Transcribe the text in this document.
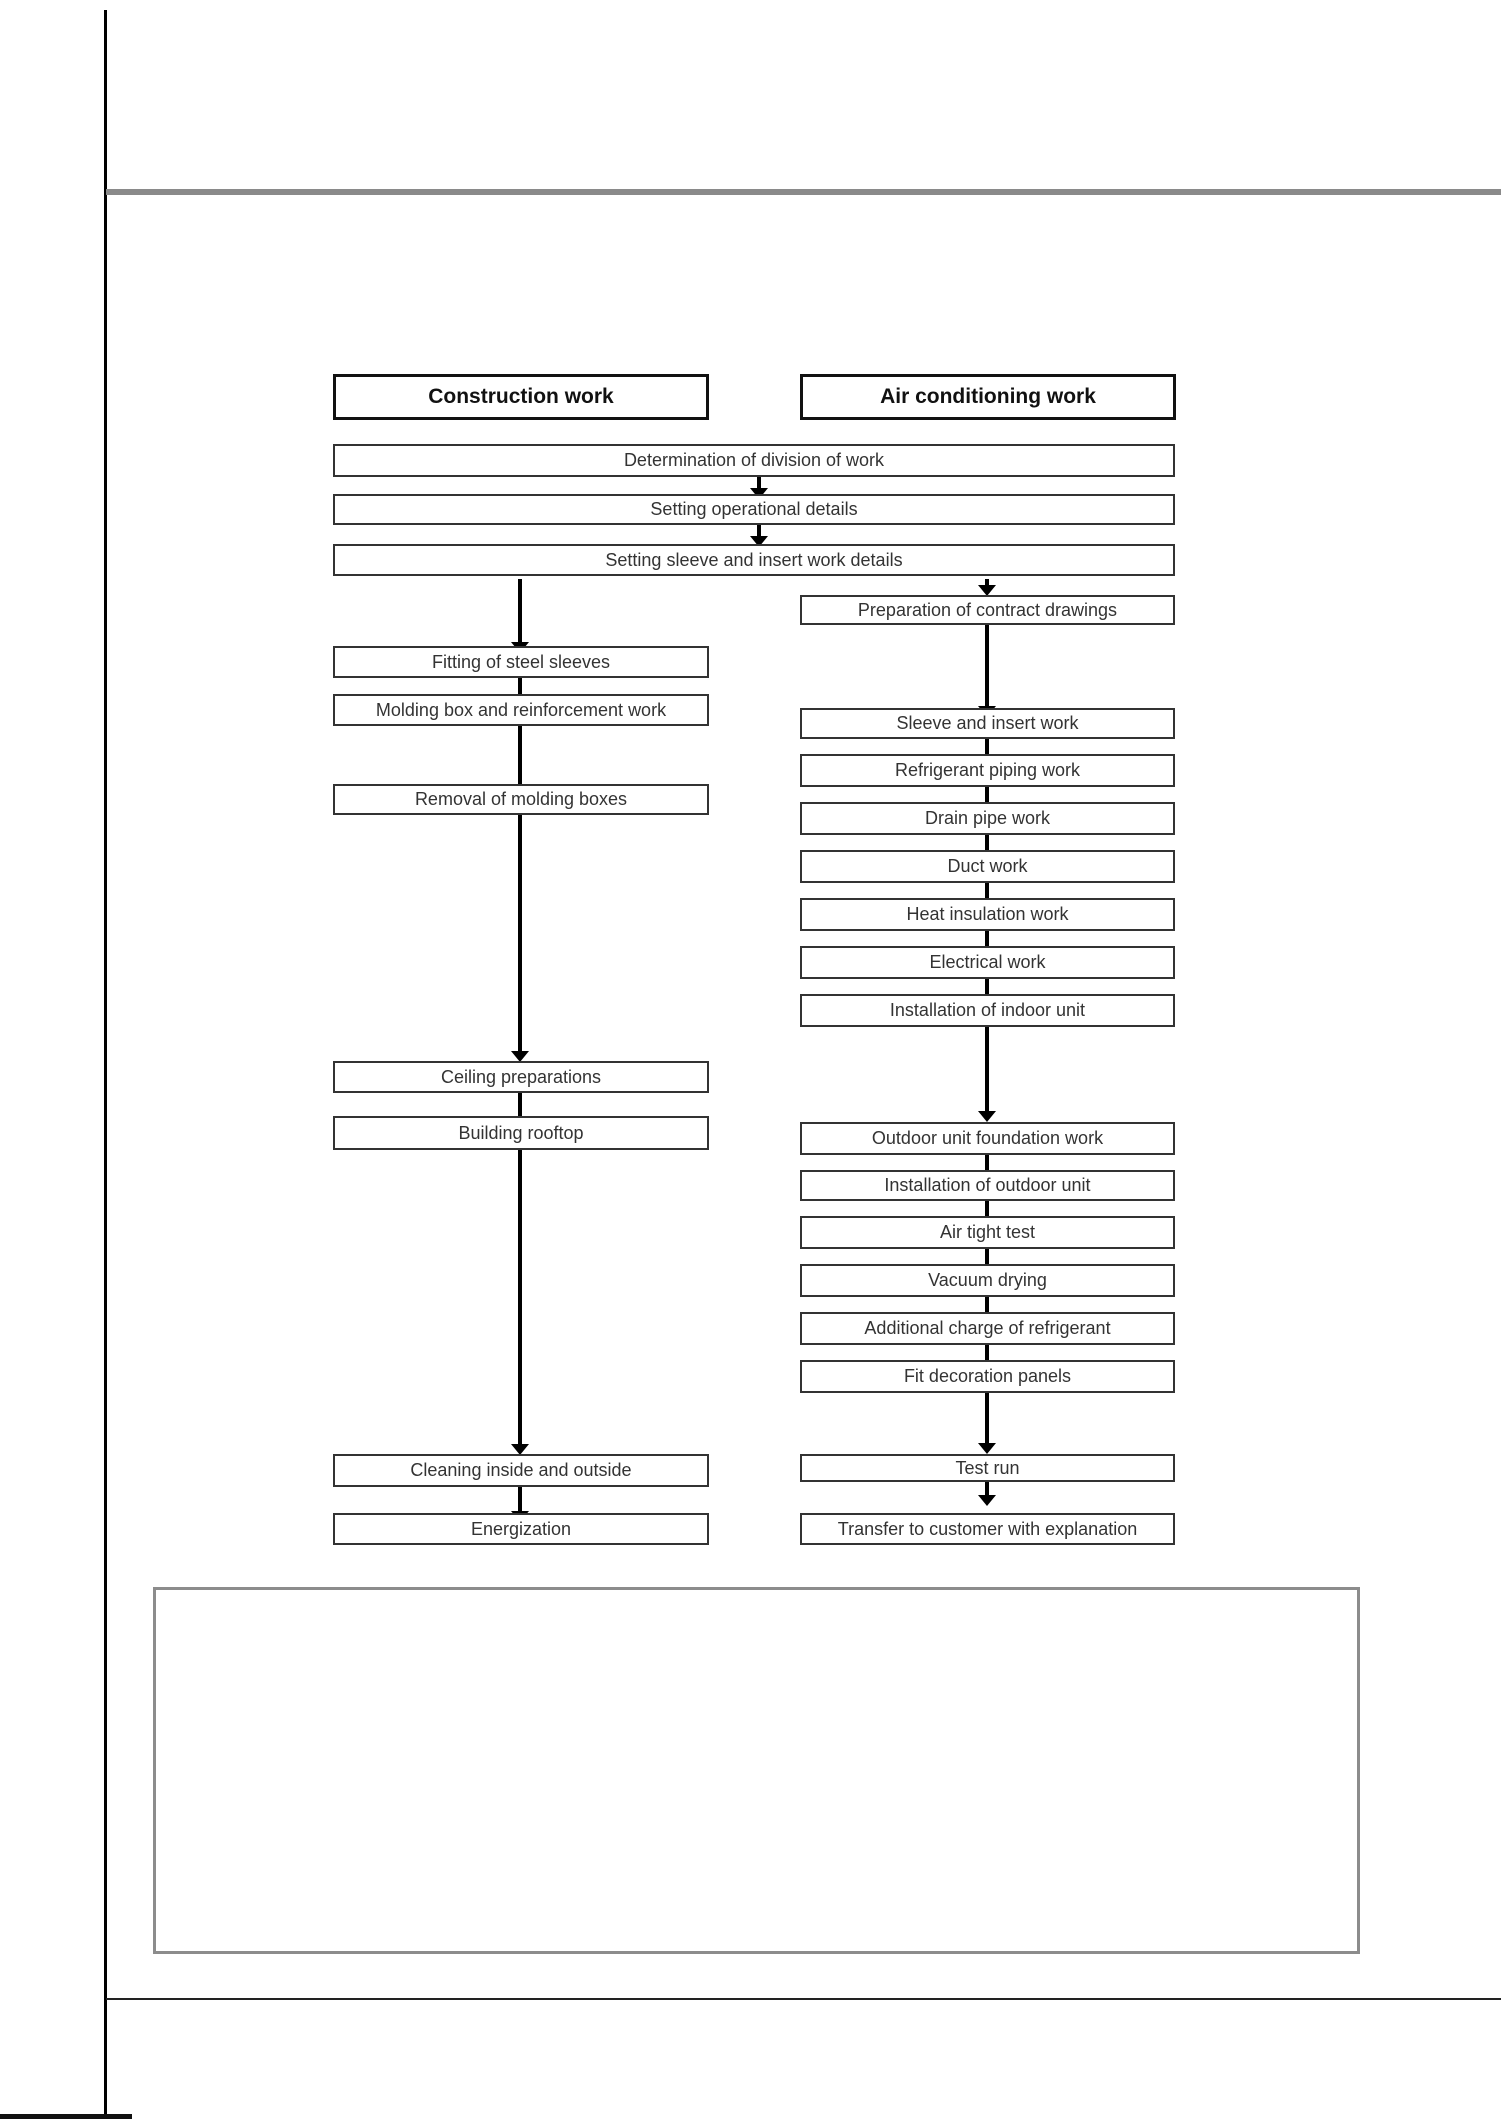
Construction work	Air conditioning work
Determination of division of work
Setting operational details
Setting sleeve and insert work details
Fitting of steel sleeves
Molding box and reinforcement work
Removal of molding boxes
Ceiling preparations
Building rooftop
Cleaning inside and outside
Energization
Preparation of contract drawings
Sleeve and insert work
Refrigerant piping work
Drain pipe work
Duct work
Heat insulation work
Electrical work
Installation of indoor unit
Outdoor unit foundation work
Installation of outdoor unit
Air tight test
Vacuum drying
Additional charge of refrigerant
Fit decoration panels
Test run
Transfer to customer with explanation
